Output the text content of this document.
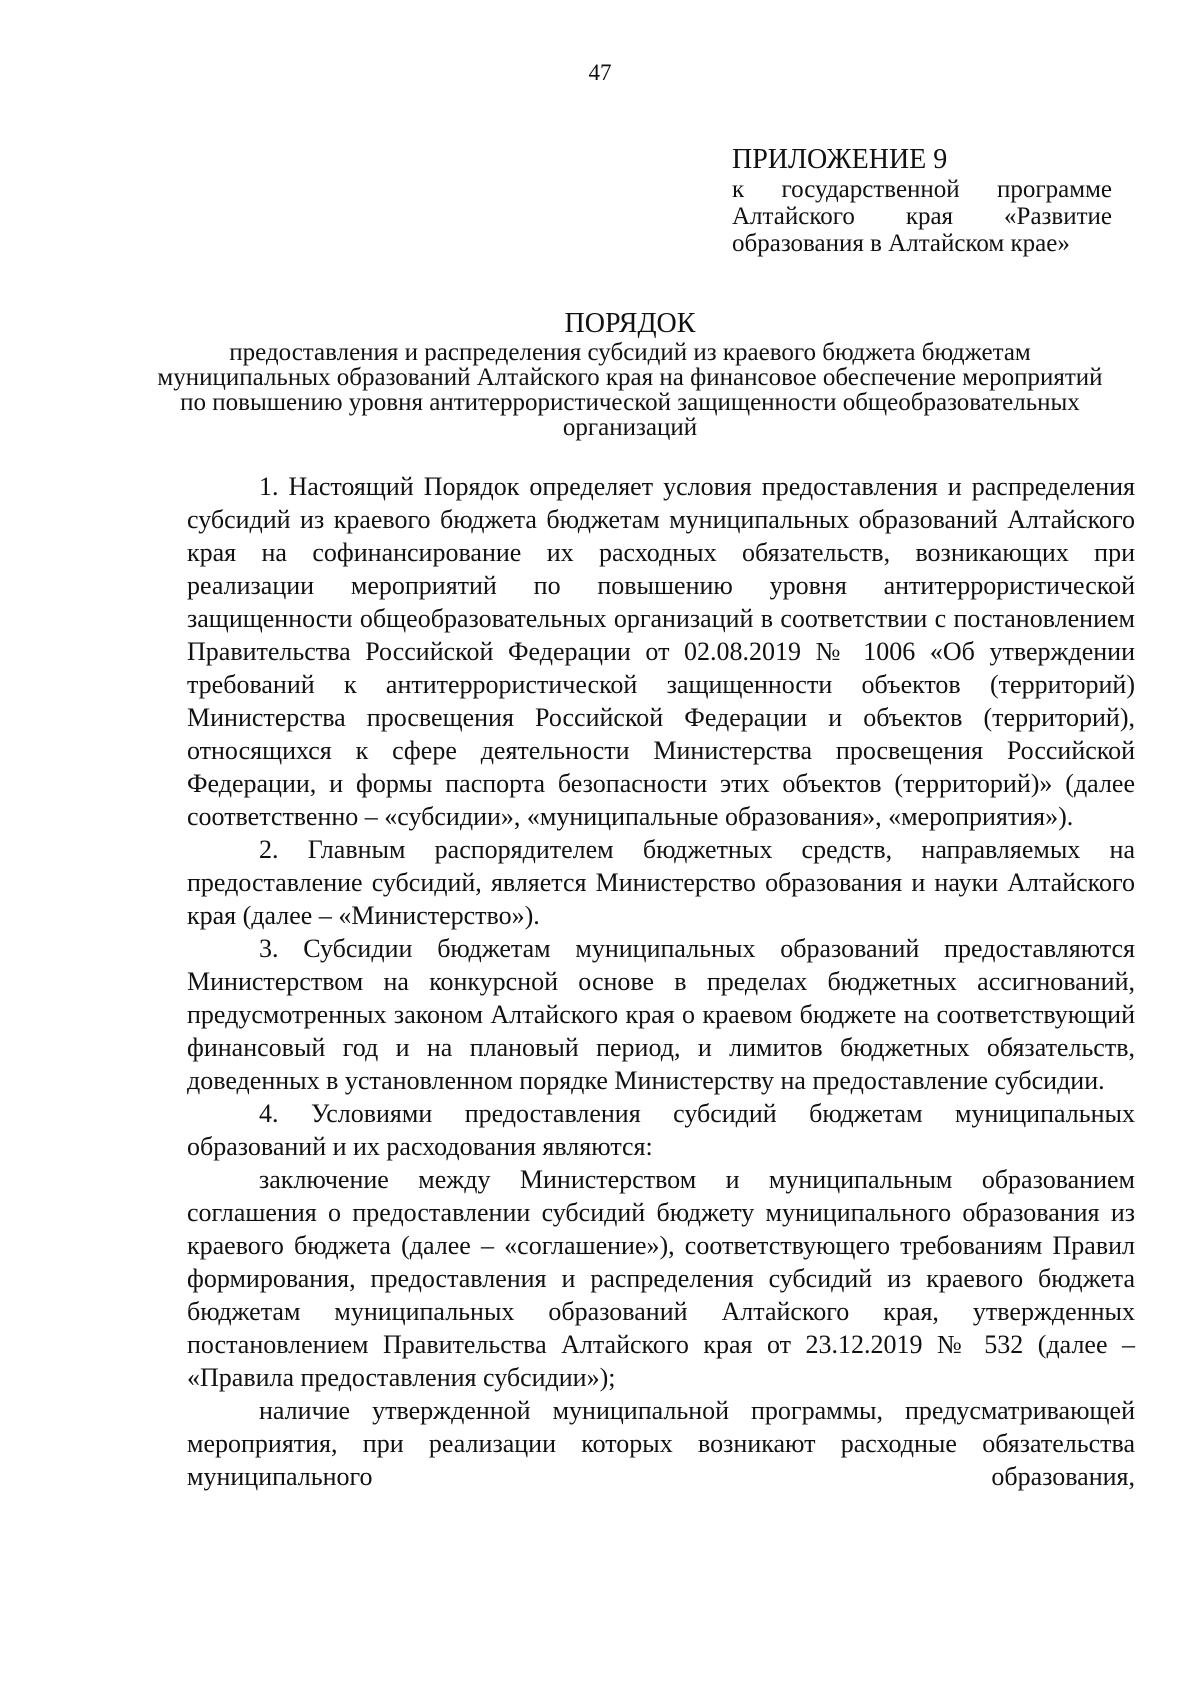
47
ПРИЛОЖЕНИЕ 9
к государственной программе
Алтайского края «Развитие
образования в Алтайском крае»
ПОРЯДОК
предоставления и распределения субсидий из краевого бюджета бюджетам муниципальных образований Алтайского края на финансовое обеспечение мероприятий по повышению уровня антитеррористической защищенности общеобразовательных организаций

1. Настоящий Порядок определяет условия предоставления и распределения субсидий из краевого бюджета бюджетам муниципальных образований Алтайского края на софинансирование их расходных обязательств, возникающих при реализации мероприятий по повышению уровня антитеррористической защищенности общеобразовательных организаций в соответствии с постановлением Правительства Российской Федерации от 02.08.2019 № 1006 «Об утверждении требований к антитеррористической защищенности объектов (территорий) Министерства просвещения Российской Федерации и объектов (территорий), относящихся к сфере деятельности Министерства просвещения Российской Федерации, и формы паспорта безопасности этих объектов (территорий)» (далее соответственно – «субсидии», «муниципальные образования», «мероприятия»).

2. Главным распорядителем бюджетных средств, направляемых на предоставление субсидий, является Министерство образования и науки Алтайского края (далее – «Министерство»).

3. Субсидии бюджетам муниципальных образований предоставляются Министерством на конкурсной основе в пределах бюджетных ассигнований, предусмотренных законом Алтайского края о краевом бюджете на соответствующий финансовый год и на плановый период, и лимитов бюджетных обязательств, доведенных в установленном порядке Министерству на предоставление субсидии.

4. Условиями предоставления субсидий бюджетам муниципальных образований и их расходования являются:

заключение между Министерством и муниципальным образованием соглашения о предоставлении субсидий бюджету муниципального образования из краевого бюджета (далее – «соглашение»), соответствующего требованиям Правил формирования, предоставления и распределения субсидий из краевого бюджета бюджетам муниципальных образований Алтайского края, утвержденных постановлением Правительства Алтайского края от 23.12.2019 № 532 (далее – «Правила предоставления субсидии»);

наличие утвержденной муниципальной программы, предусматривающей мероприятия, при реализации которых возникают расходные обязательства муниципального образования,
